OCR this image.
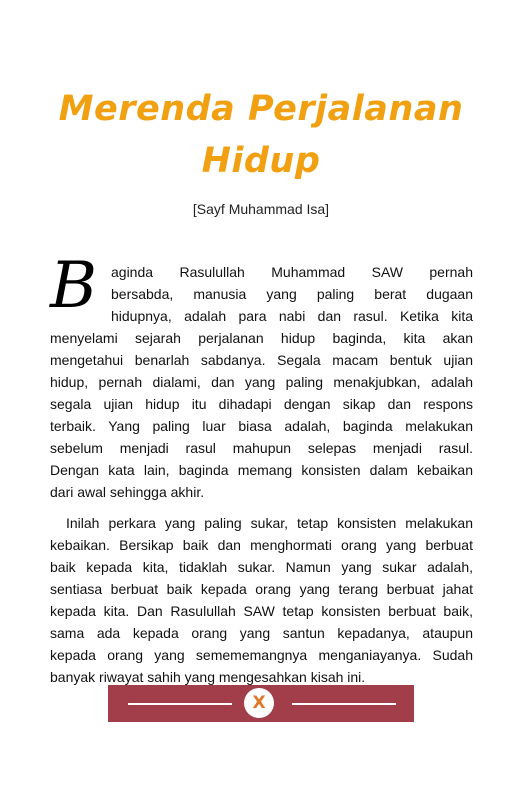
Merenda Perjalanan
Hidup
[Sayf Muhammad Isa]
B aginda Rasulullah Muhammad SAW pernah
bersabda, manusia yang paling berat dugaan
hidupnya, adalah para nabi dan rasul. Ketika kita
menyelami sejarah perjalanan hidup baginda, kita akan
mengetahui benarlah sabdanya. Segala macam bentuk ujian
hidup, pernah dialami, dan yang paling menakjubkan, adalah
segala ujian hidup itu dihadapi dengan sikap dan respons
terbaik. Yang paling luar biasa adalah, baginda melakukan
sebelum menjadi rasul mahupun selepas menjadi rasul.
Dengan kata lain, baginda memang konsisten dalam kebaikan
dari awal sehingga akhir.
Inilah perkara yang paling sukar, tetap konsisten melakukan
kebaikan. Bersikap baik dan menghormati orang yang berbuat
baik kepada kita, tidaklah sukar. Namun yang sukar adalah,
sentiasa berbuat baik kepada orang yang terang berbuat jahat
kepada kita. Dan Rasulullah SAW tetap konsisten berbuat baik,
sama ada kepada orang yang santun kepadanya, ataupun
kepada orang yang semememangnya menganiayanya. Sudah
banyak riwayat sahih yang mengesahkan kisah ini.
X
